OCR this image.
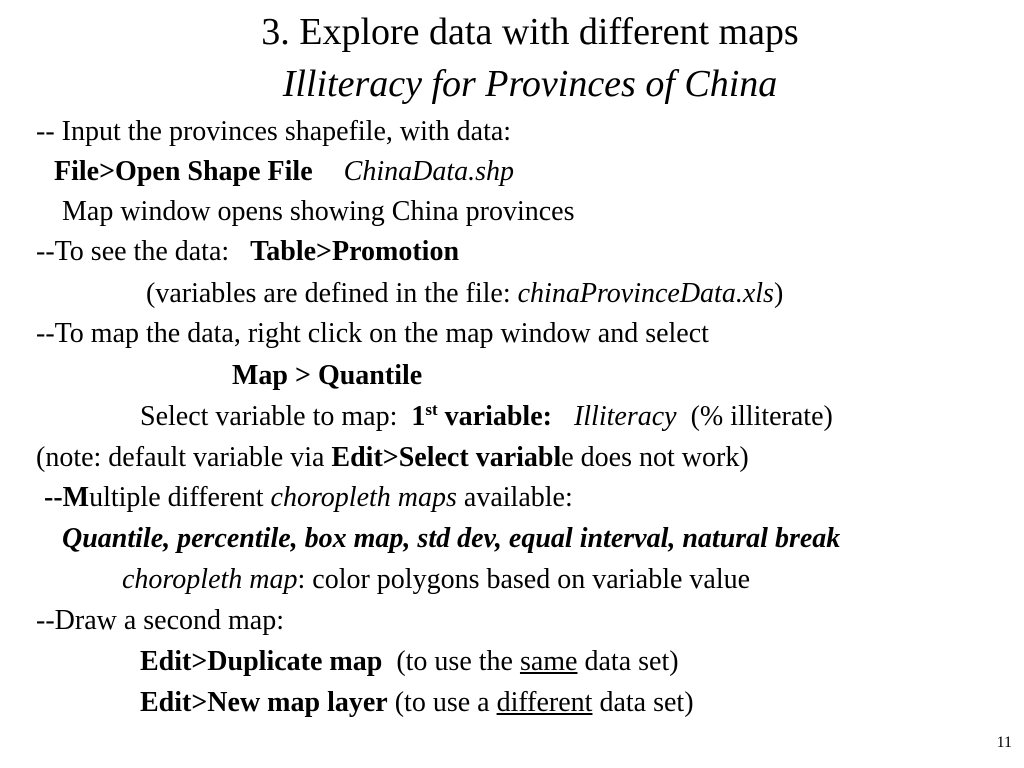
3. Explore data with different maps
Illiteracy for Provinces of China
-- Input the provinces shapefile, with data:
File>Open Shape File ChinaData.shp
Map window opens showing China provinces
--To see the data:   Table>Promotion
(variables are defined in the file: chinaProvinceData.xls)
--To map the data, right click on the map window and select
Map > Quantile
Select variable to map:  1st variable: Illiteracy  (% illiterate)
(note: default variable via Edit>Select variable does not work)
--Multiple different choropleth maps available:
Quantile, percentile, box map, std dev, equal interval, natural break
choropleth map: color polygons based on variable value
--Draw a second map:
Edit>Duplicate map  (to use the same data set)
Edit>New map layer (to use a different data set)
11
